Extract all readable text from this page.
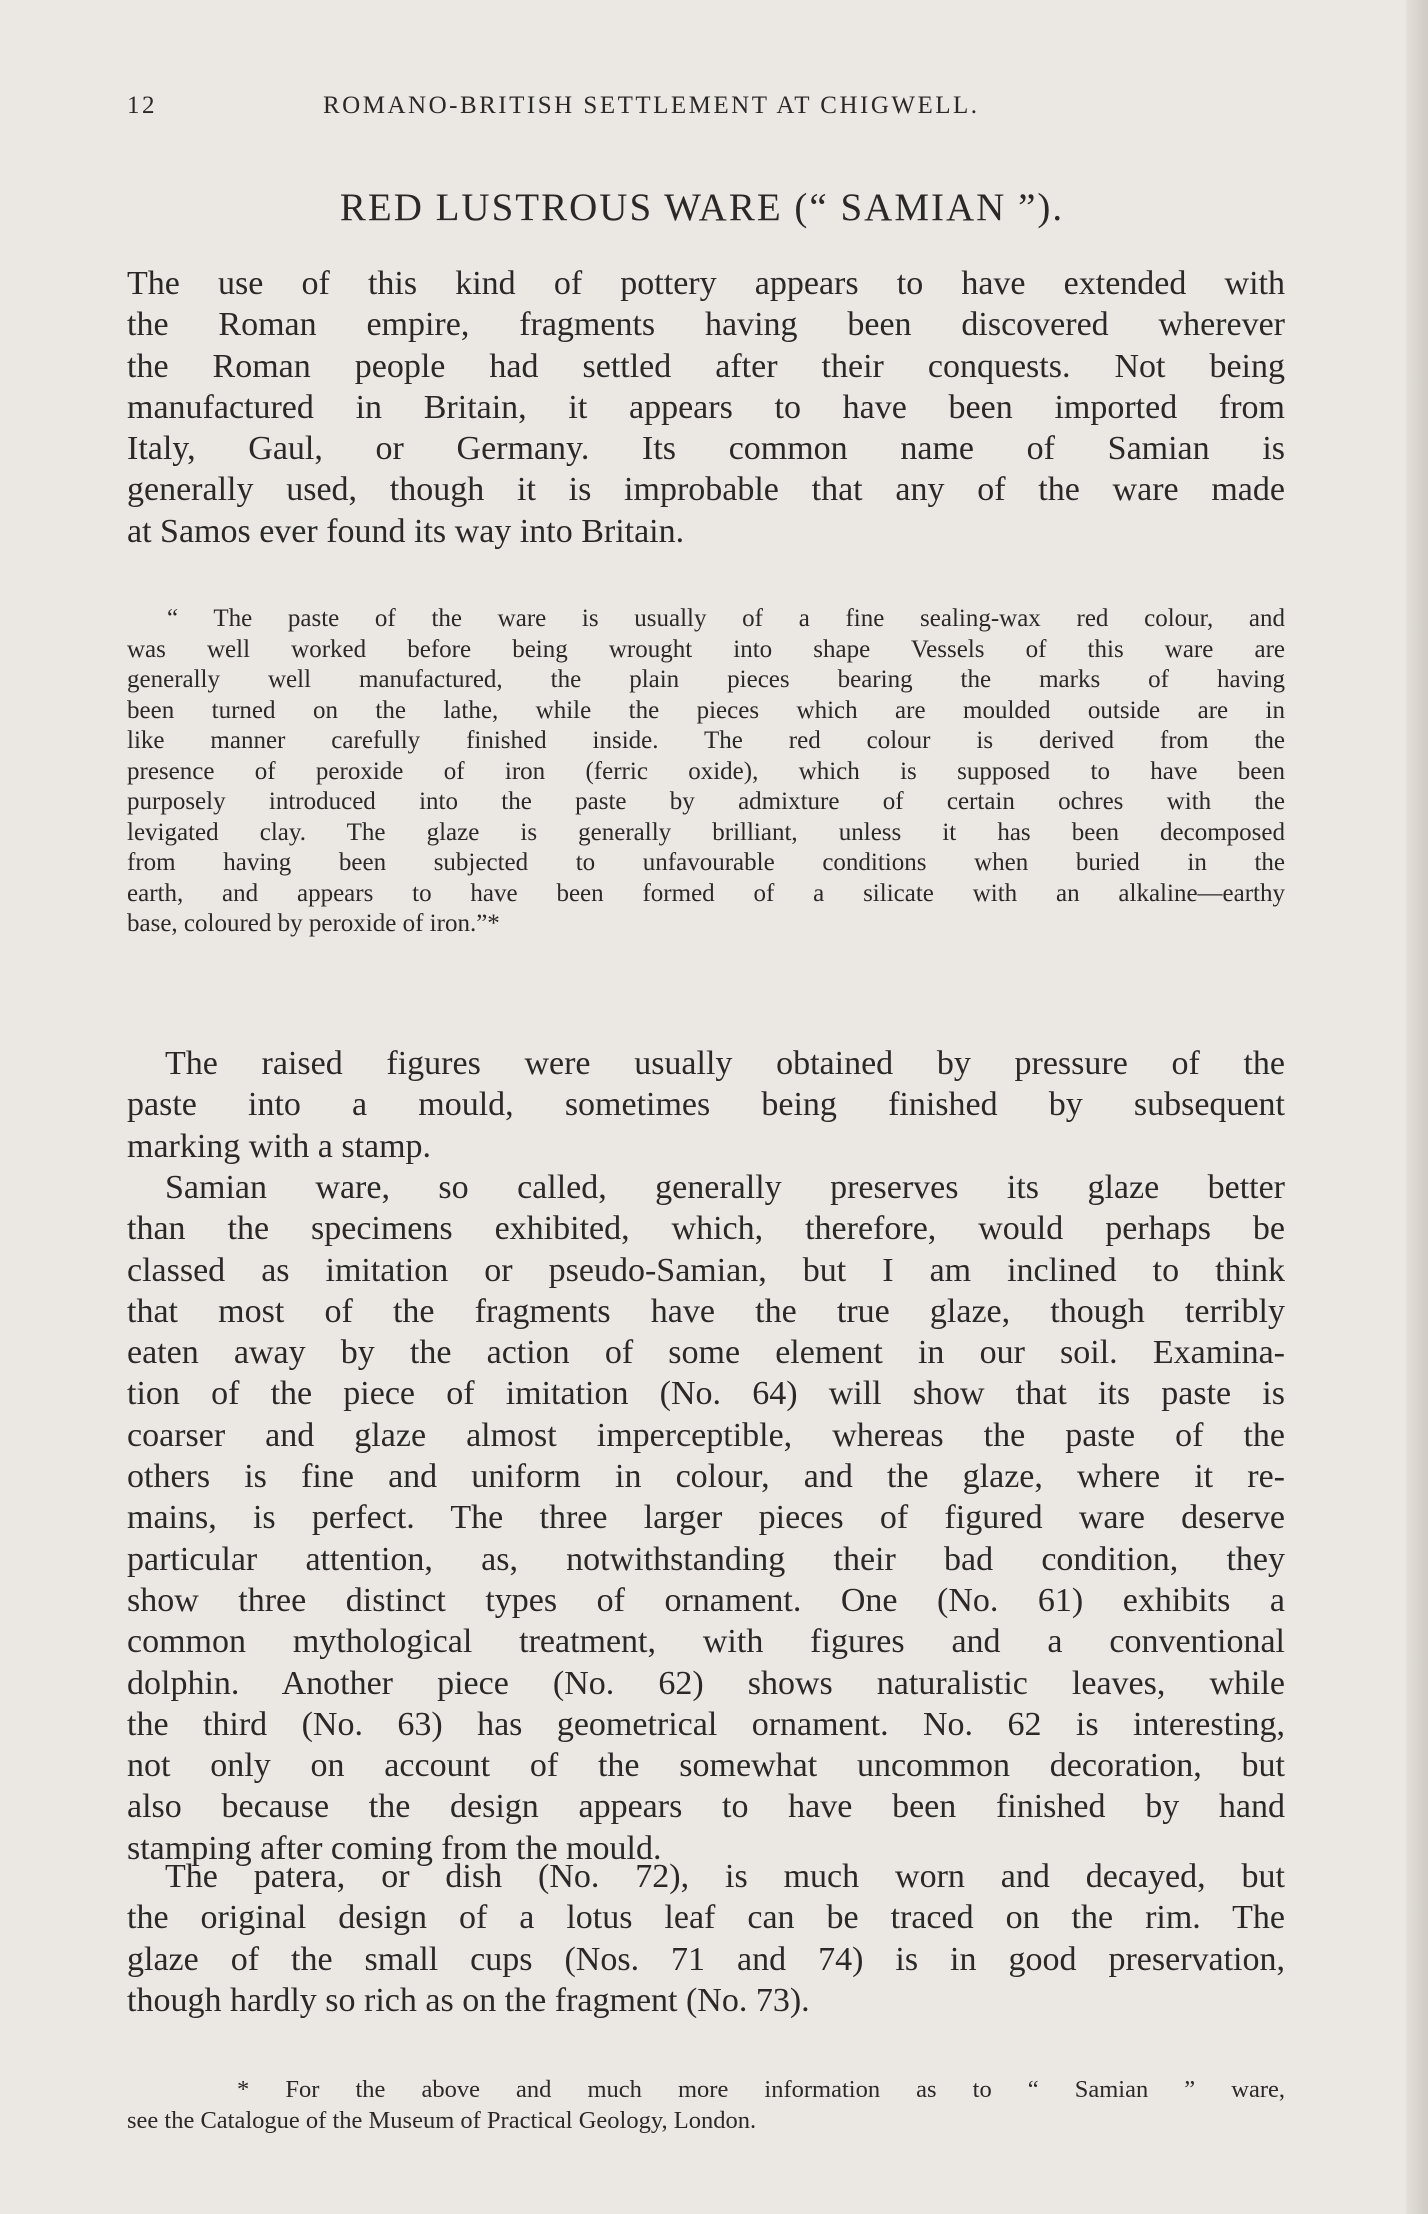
12	ROMANO-BRITISH SETTLEMENT AT CHIGWELL.
RED LUSTROUS WARE (“ SAMIAN ”).
The use of this kind of pottery appears to have extended with
the Roman empire, fragments having been discovered wherever
the Roman people had settled after their conquests. Not being
manufactured in Britain, it appears to have been imported from
Italy, Gaul, or Germany. Its common name of Samian is
generally used, though it is improbable that any of the ware made
at Samos ever found its way into Britain.
“ The paste of the ware is usually of a fine sealing-wax red colour, and
was well worked before being wrought into shape Vessels of this ware are
generally well manufactured, the plain pieces bearing the marks of having
been turned on the lathe, while the pieces which are moulded outside are in
like manner carefully finished inside. The red colour is derived from the
presence of peroxide of iron (ferric oxide), which is supposed to have been
purposely introduced into the paste by admixture of certain ochres with the
levigated clay. The glaze is generally brilliant, unless it has been decomposed
from having been subjected to unfavourable conditions when buried in the
earth, and appears to have been formed of a silicate with an alkaline—earthy
base, coloured by peroxide of iron.”*
The raised figures were usually obtained by pressure of the
paste into a mould, sometimes being finished by subsequent
marking with a stamp.
Samian ware, so called, generally preserves its glaze better
than the specimens exhibited, which, therefore, would perhaps be
classed as imitation or pseudo-Samian, but I am inclined to think
that most of the fragments have the true glaze, though terribly
eaten away by the action of some element in our soil. Examina-
tion of the piece of imitation (No. 64) will show that its paste is
coarser and glaze almost imperceptible, whereas the paste of the
others is fine and uniform in colour, and the glaze, where it re-
mains, is perfect. The three larger pieces of figured ware deserve
particular attention, as, notwithstanding their bad condition, they
show three distinct types of ornament. One (No. 61) exhibits a
common mythological treatment, with figures and a conventional
dolphin. Another piece (No. 62) shows naturalistic leaves, while
the third (No. 63) has geometrical ornament. No. 62 is interesting,
not only on account of the somewhat uncommon decoration, but
also because the design appears to have been finished by hand
stamping after coming from the mould.
The patera, or dish (No. 72), is much worn and decayed, but
the original design of a lotus leaf can be traced on the rim. The
glaze of the small cups (Nos. 71 and 74) is in good preservation,
though hardly so rich as on the fragment (No. 73).
* For the above and much more information as to “ Samian ” ware,
see the Catalogue of the Museum of Practical Geology, London.
